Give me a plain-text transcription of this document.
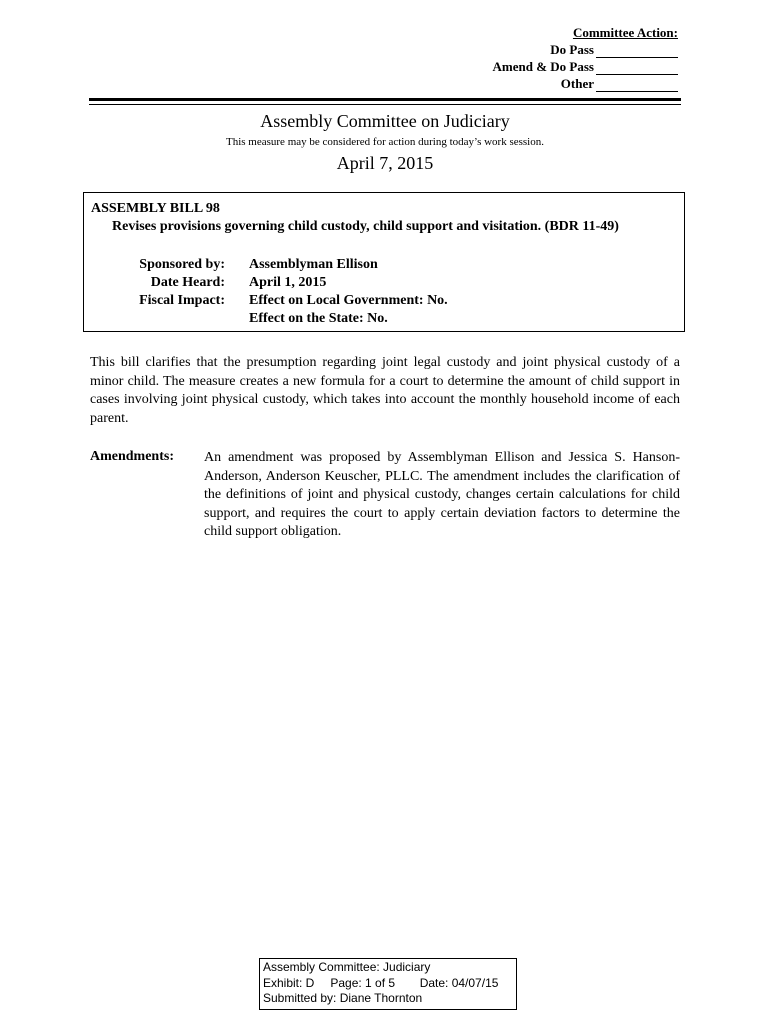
Committee Action:
Do Pass
Amend & Do Pass
Other
Assembly Committee on Judiciary
This measure may be considered for action during today’s work session.
April 7, 2015
ASSEMBLY BILL 98
Revises provisions governing child custody, child support and visitation. (BDR 11-49)
Sponsored by: Assemblyman Ellison
Date Heard: April 1, 2015
Fiscal Impact: Effect on Local Government: No.
Effect on the State: No.
This bill clarifies that the presumption regarding joint legal custody and joint physical custody of a minor child. The measure creates a new formula for a court to determine the amount of child support in cases involving joint physical custody, which takes into account the monthly household income of each parent.
Amendments: An amendment was proposed by Assemblyman Ellison and Jessica S. Hanson-Anderson, Anderson Keuscher, PLLC. The amendment includes the clarification of the definitions of joint and physical custody, changes certain calculations for child support, and requires the court to apply certain deviation factors to determine the child support obligation.
Assembly Committee: Judiciary
Exhibit: D Page: 1 of 5 Date: 04/07/15
Submitted by: Diane Thornton
